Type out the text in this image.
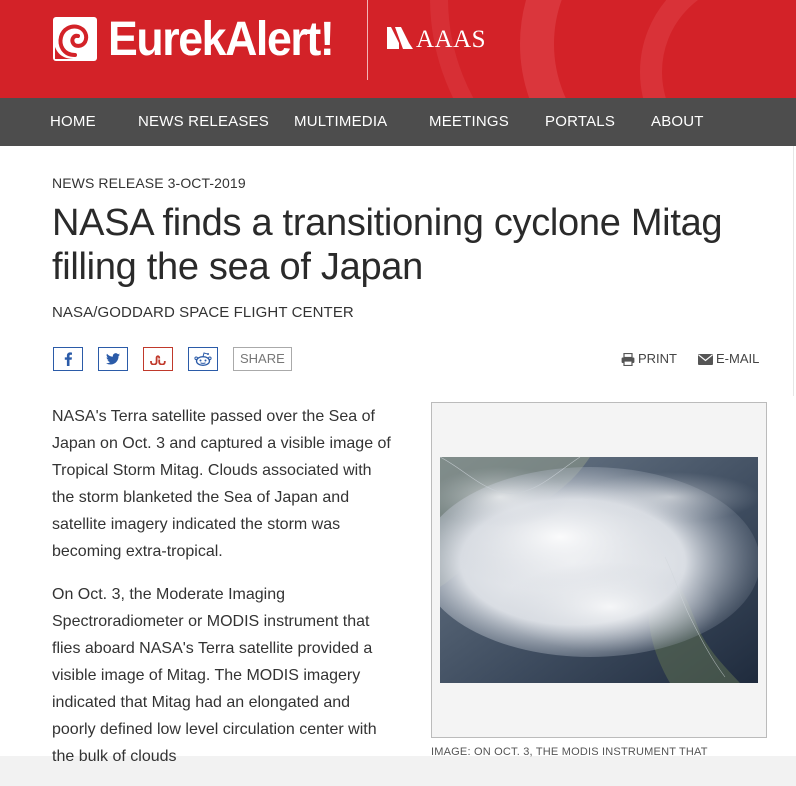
EurekAlert!	AAAS
HOME	NEWS RELEASES MULTIMEDIA	MEETINGS PORTALS ABOUT
NEWS RELEASE 3-OCT-2019
NASA finds a transitioning cyclone Mitag filling the sea of Japan
NASA/GODDARD SPACE FLIGHT CENTER
SHARE	PRINT	E-MAIL

NASA's Terra satellite passed over the Sea of Japan on Oct. 3 and captured a visible image of Tropical Storm Mitag. Clouds associated with the storm blanketed the Sea of Japan and satellite imagery indicated the storm was becoming extra-tropical.

On Oct. 3, the Moderate Imaging Spectroradiometer or MODIS instrument that flies aboard NASA's Terra satellite provided a visible image of Mitag. The MODIS imagery indicated that Mitag had an elongated and poorly defined low level circulation center with the bulk of clouds	IMAGE: ON OCT. 3, THE MODIS INSTRUMENT THAT
